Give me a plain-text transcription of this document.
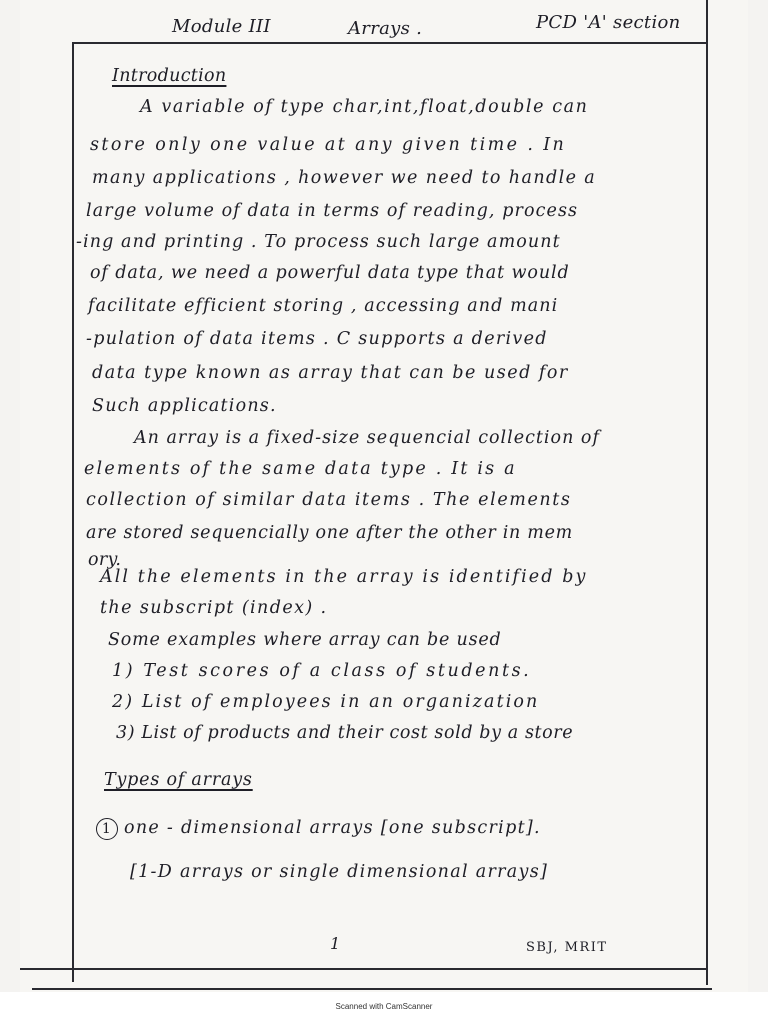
Module III	Arrays .	PCD 'A' section
Introduction
A variable of type char,int,float,double can
store only one value at any given time . In
many applications , however we need to handle a
large volume of data in terms of reading, process
-ing and printing . To process such large amount
of data, we need a powerful data type that would
facilitate efficient storing , accessing and mani
-pulation of data items . C supports a derived
data type known as array that can be used for
Such applications.
An array is a fixed-size sequencial collection of
elements of the same data type . It is a
collection of similar data items . The elements
are stored sequencially one after the other in mem
ory.
All the elements in the array is identified by
the subscript (index) .
Some examples where array can be used
1) Test scores of a class of students.
2) List of employees in an organization
3) List of products and their cost sold by a store
Types of arrays
1 one - dimensional arrays [one subscript].
[1-D arrays or single dimensional arrays]
1	SBJ, MRIT
Scanned with CamScanner
